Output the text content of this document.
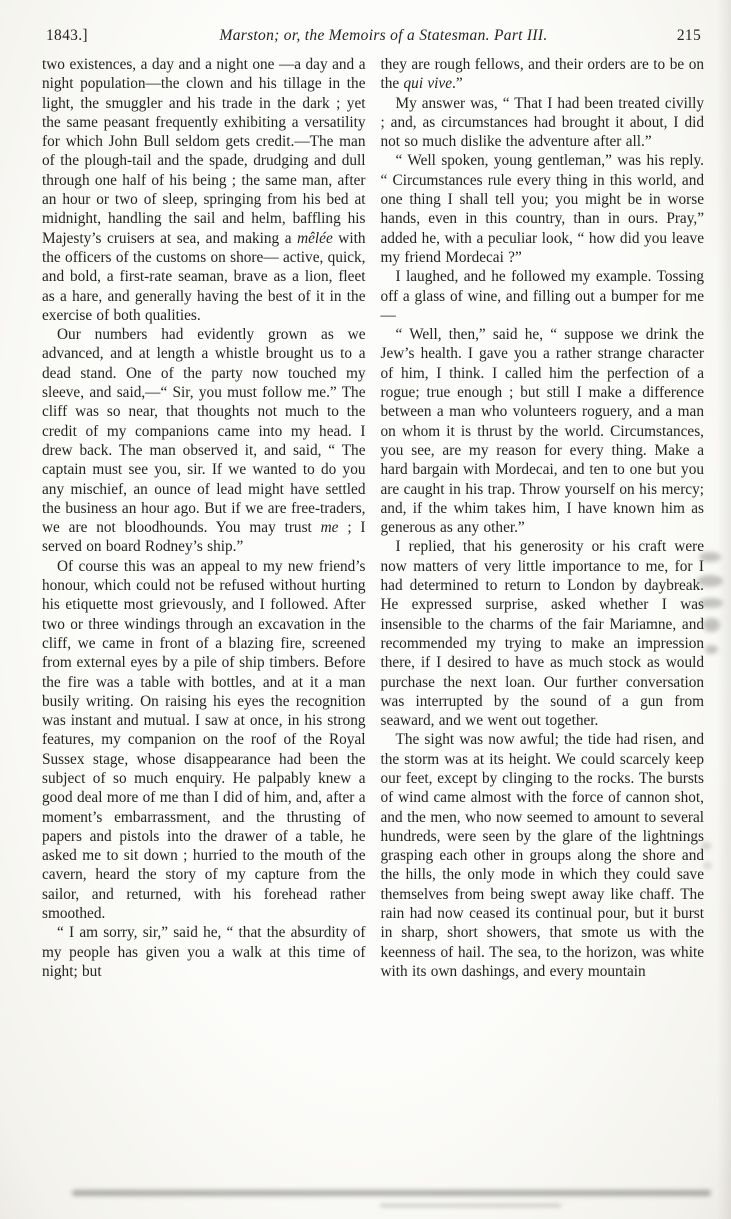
1843.]	Marston; or, the Memoirs of a Statesman. Part III.	215

two existences, a day and a night one —a day and a night population—the clown and his tillage in the light, the smuggler and his trade in the dark ; yet the same peasant frequently exhibiting a versatility for which John Bull seldom gets credit.—The man of the plough-tail and the spade, drudging and dull through one half of his being ; the same man, after an hour or two of sleep, springing from his bed at midnight, handling the sail and helm, baffling his Majesty’s cruisers at sea, and making a mêlée with the officers of the customs on shore— active, quick, and bold, a first-rate seaman, brave as a lion, fleet as a hare, and generally having the best of it in the exercise of both qualities.

Our numbers had evidently grown as we advanced, and at length a whistle brought us to a dead stand. One of the party now touched my sleeve, and said,—“ Sir, you must follow me.” The cliff was so near, that thoughts not much to the credit of my companions came into my head. I drew back. The man observed it, and said, “ The captain must see you, sir. If we wanted to do you any mischief, an ounce of lead might have settled the business an hour ago. But if we are free-traders, we are not bloodhounds. You may trust me ; I served on board Rodney’s ship.”

Of course this was an appeal to my new friend’s honour, which could not be refused without hurting his etiquette most grievously, and I followed. After two or three windings through an excavation in the cliff, we came in front of a blazing fire, screened from external eyes by a pile of ship timbers. Before the fire was a table with bottles, and at it a man busily writing. On raising his eyes the recognition was instant and mutual. I saw at once, in his strong features, my companion on the roof of the Royal Sussex stage, whose disappearance had been the subject of so much enquiry. He palpably knew a good deal more of me than I did of him, and, after a moment’s embarrassment, and the thrusting of papers and pistols into the drawer of a table, he asked me to sit down ; hurried to the mouth of the cavern, heard the story of my capture from the sailor, and returned, with his forehead rather smoothed.

“ I am sorry, sir,” said he, “ that the absurdity of my people has given you a walk at this time of night; but

they are rough fellows, and their orders are to be on the qui vive.”

My answer was, “ That I had been treated civilly ; and, as circumstances had brought it about, I did not so much dislike the adventure after all.”

“ Well spoken, young gentleman,” was his reply. “ Circumstances rule every thing in this world, and one thing I shall tell you; you might be in worse hands, even in this country, than in ours. Pray,” added he, with a peculiar look, “ how did you leave my friend Mordecai ?”

I laughed, and he followed my example. Tossing off a glass of wine, and filling out a bumper for me—

“ Well, then,” said he, “ suppose we drink the Jew’s health. I gave you a rather strange character of him, I think. I called him the perfection of a rogue; true enough ; but still I make a difference between a man who volunteers roguery, and a man on whom it is thrust by the world. Circumstances, you see, are my reason for every thing. Make a hard bargain with Mordecai, and ten to one but you are caught in his trap. Throw yourself on his mercy; and, if the whim takes him, I have known him as generous as any other.”

I replied, that his generosity or his craft were now matters of very little importance to me, for I had determined to return to London by daybreak. He expressed surprise, asked whether I was insensible to the charms of the fair Mariamne, and recommended my trying to make an impression there, if I desired to have as much stock as would purchase the next loan. Our further conversation was interrupted by the sound of a gun from seaward, and we went out together.

The sight was now awful; the tide had risen, and the storm was at its height. We could scarcely keep our feet, except by clinging to the rocks. The bursts of wind came almost with the force of cannon shot, and the men, who now seemed to amount to several hundreds, were seen by the glare of the lightnings grasping each other in groups along the shore and the hills, the only mode in which they could save themselves from being swept away like chaff. The rain had now ceased its continual pour, but it burst in sharp, short showers, that smote us with the keenness of hail. The sea, to the horizon, was white with its own dashings, and every mountain
